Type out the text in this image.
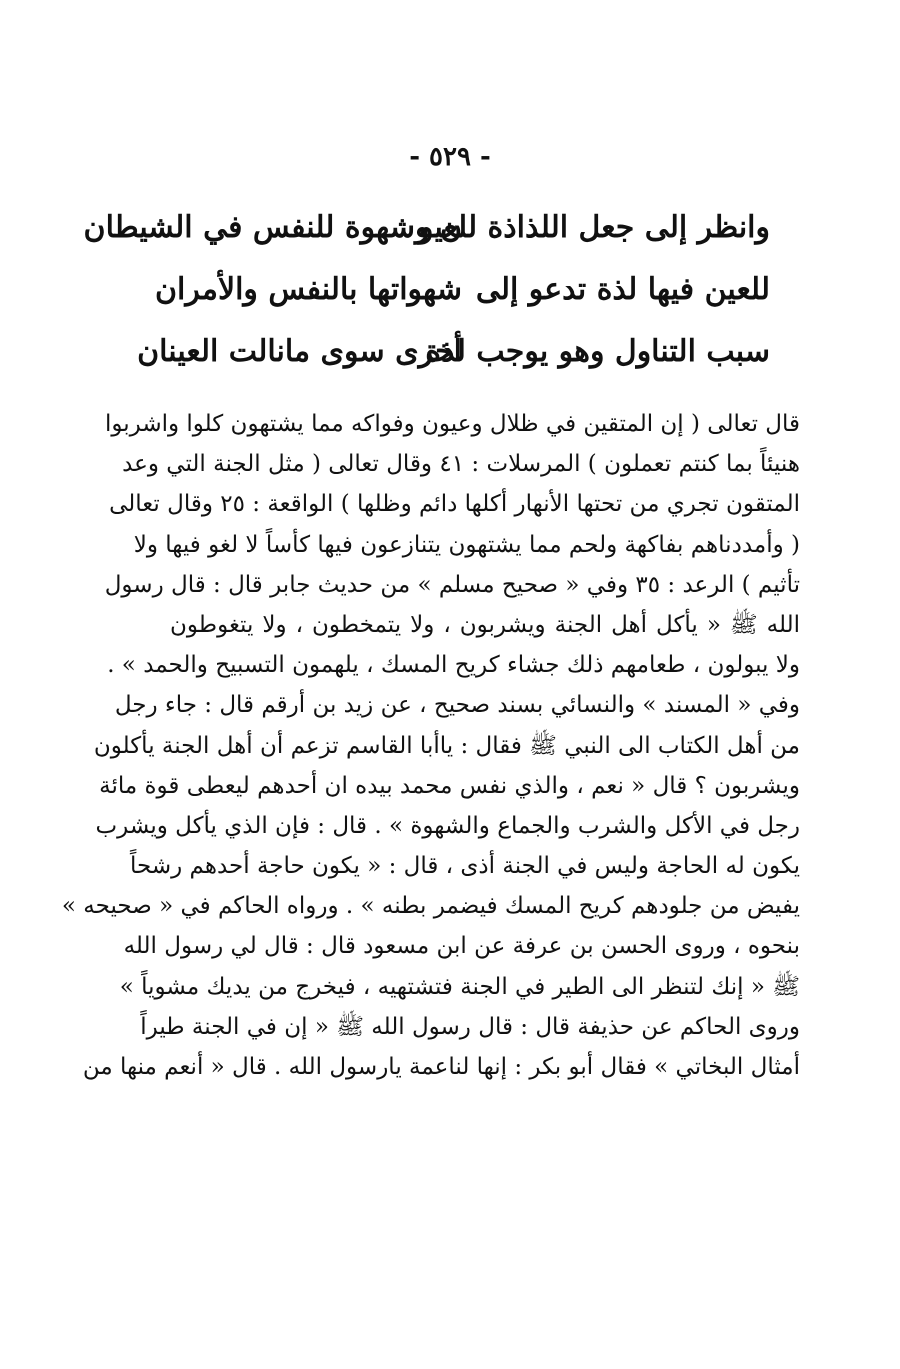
- ٥٢٩ -
وانظر إلى جعل اللذاذة للعيو
ن وشهوة للنفس في الشيطان
للعين فيها لذة تدعو إلى
شهواتها بالنفس والأمران
سبب التناول وهو يوجب لذة
أخرى سوى مانالت العينان
قال تعالى ( إن المتقين في ظلال وعيون وفواكه مما يشتهون كلوا واشربوا
هنيئاً بما كنتم تعملون ) المرسلات : ٤١ وقال تعالى ( مثل الجنة التي وعد
المتقون تجري من تحتها الأنهار أكلها دائم وظلها ) الواقعة : ٢٥ وقال تعالى
( وأمددناهم بفاكهة ولحم مما يشتهون يتنازعون فيها كأساً لا لغو فيها ولا
تأثيم ) الرعد : ٣٥ وفي « صحيح مسلم » من حديث جابر قال : قال رسول
الله ﷺ « يأكل أهل الجنة ويشربون ، ولا يتمخطون ، ولا يتغوطون
ولا يبولون ، طعامهم ذلك جشاء كريح المسك ، يلهمون التسبيح والحمد » .
وفي « المسند » والنسائي بسند صحيح ، عن زيد بن أرقم قال : جاء رجل
من أهل الكتاب الى النبي ﷺ فقال : ياأبا القاسم تزعم أن أهل الجنة يأكلون
ويشربون ؟ قال « نعم ، والذي نفس محمد بيده ان أحدهم ليعطى قوة مائة
رجل في الأكل والشرب والجماع والشهوة » . قال : فإن الذي يأكل ويشرب
يكون له الحاجة وليس في الجنة أذى ، قال : « يكون حاجة أحدهم رشحاً
يفيض من جلودهم كريح المسك فيضمر بطنه » . ورواه الحاكم في « صحيحه »
بنحوه ، وروى الحسن بن عرفة عن ابن مسعود قال : قال لي رسول الله
ﷺ « إنك لتنظر الى الطير في الجنة فتشتهيه ، فيخرج من يديك مشوياً »
وروى الحاكم عن حذيفة قال : قال رسول الله ﷺ « إن في الجنة طيراً
أمثال البخاتي » فقال أبو بكر : إنها لناعمة يارسول الله . قال « أنعم منها من
